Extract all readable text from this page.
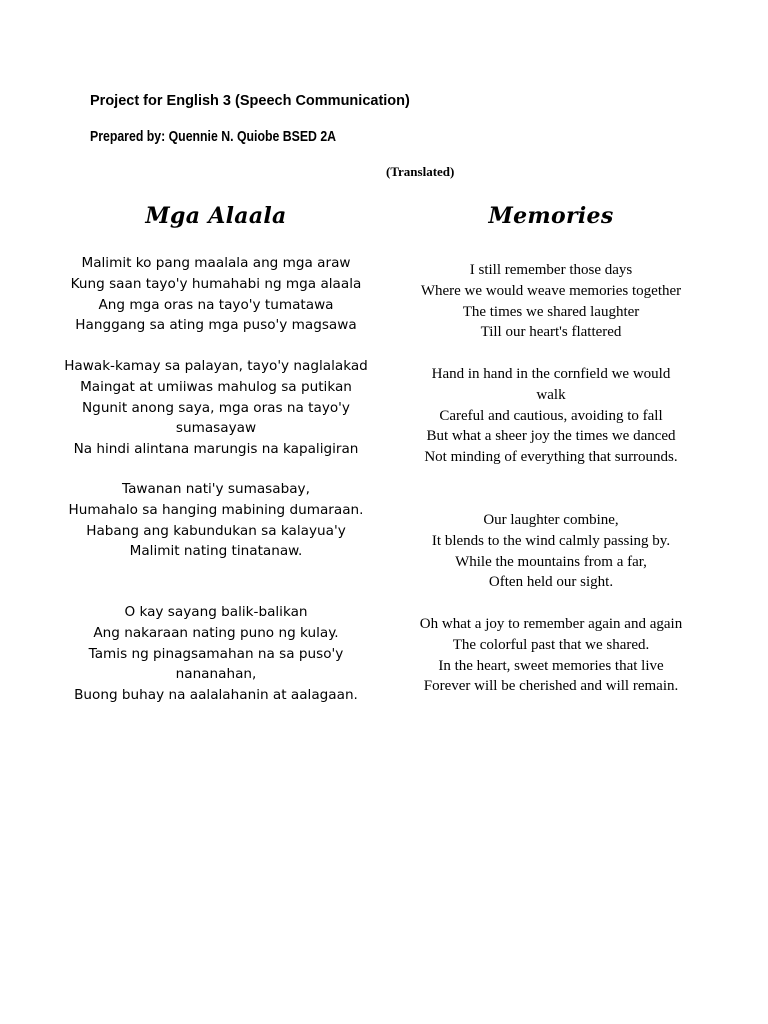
Project for English 3 (Speech Communication)
Prepared by: Quennie N. Quiobe BSED 2A
(Translated)
Mga Alaala
Malimit ko pang maalala ang mga araw
Kung saan tayo'y humahabi ng mga alaala
Ang mga oras na tayo'y tumatawa
Hanggang sa ating mga puso'y magsawa
Hawak-kamay sa palayan, tayo'y naglalakad
Maingat at umiiwas mahulog sa putikan
Ngunit anong saya, mga oras na tayo'y
sumasayaw
Na hindi alintana marungis na kapaligiran
Tawanan nati'y sumasabay,
Humahalo sa hanging mabining dumaraan.
Habang ang kabundukan sa kalayua'y
Malimit nating tinatanaw.
O kay sayang balik-balikan
Ang nakaraan nating puno ng kulay.
Tamis ng pinagsamahan na sa puso'y
nananahan,
Buong buhay na aalalahanin at aalagaan.
Memories
I still remember those days
Where we would weave memories together
The times we shared laughter
Till our heart's flattered
Hand in hand in the cornfield we would
walk
Careful and cautious, avoiding to fall
But what a sheer joy the times we danced
Not minding of everything that surrounds.
Our laughter combine,
It blends to the wind calmly passing by.
While the mountains from a far,
Often held our sight.
Oh what a joy to remember again and again
The colorful past that we shared.
In the heart, sweet memories that live
Forever will be cherished and will remain.
